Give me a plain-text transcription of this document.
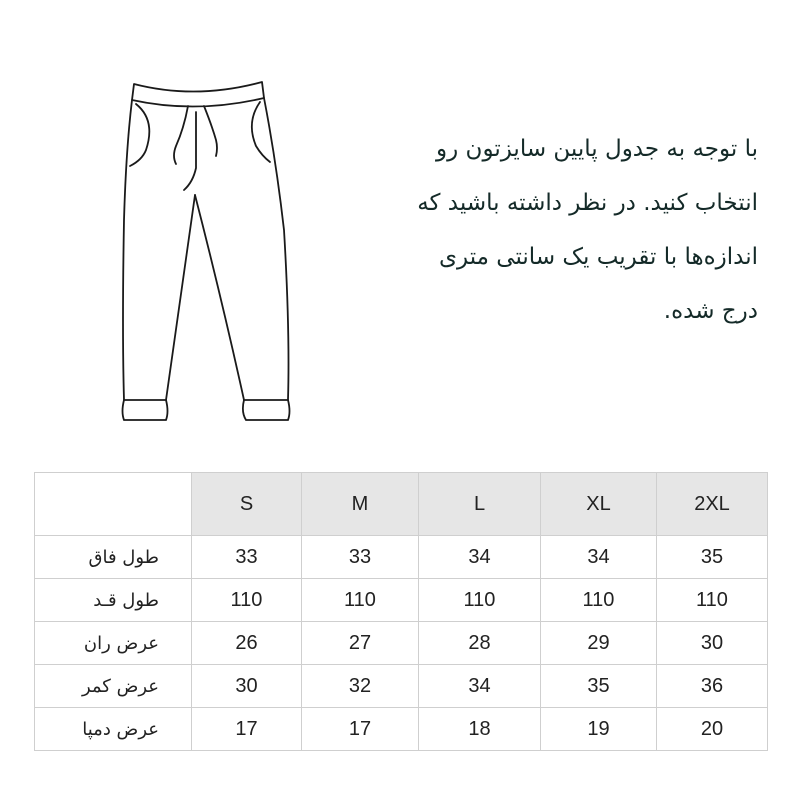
با توجه به جدول پایین سایزتون رو

انتخاب کنید. در نظر داشته باشید که

اندازه‌ها با تقریب یک سانتی متری

درج شده.

	S	M	L	XL	2XL
طول فاق	33	33	34	34	35
طول قـد	110	110	110	110	110
عرض ران	26	27	28	29	30
عرض کمر	30	32	34	35	36
عرض دمپا	17	17	18	19	20
